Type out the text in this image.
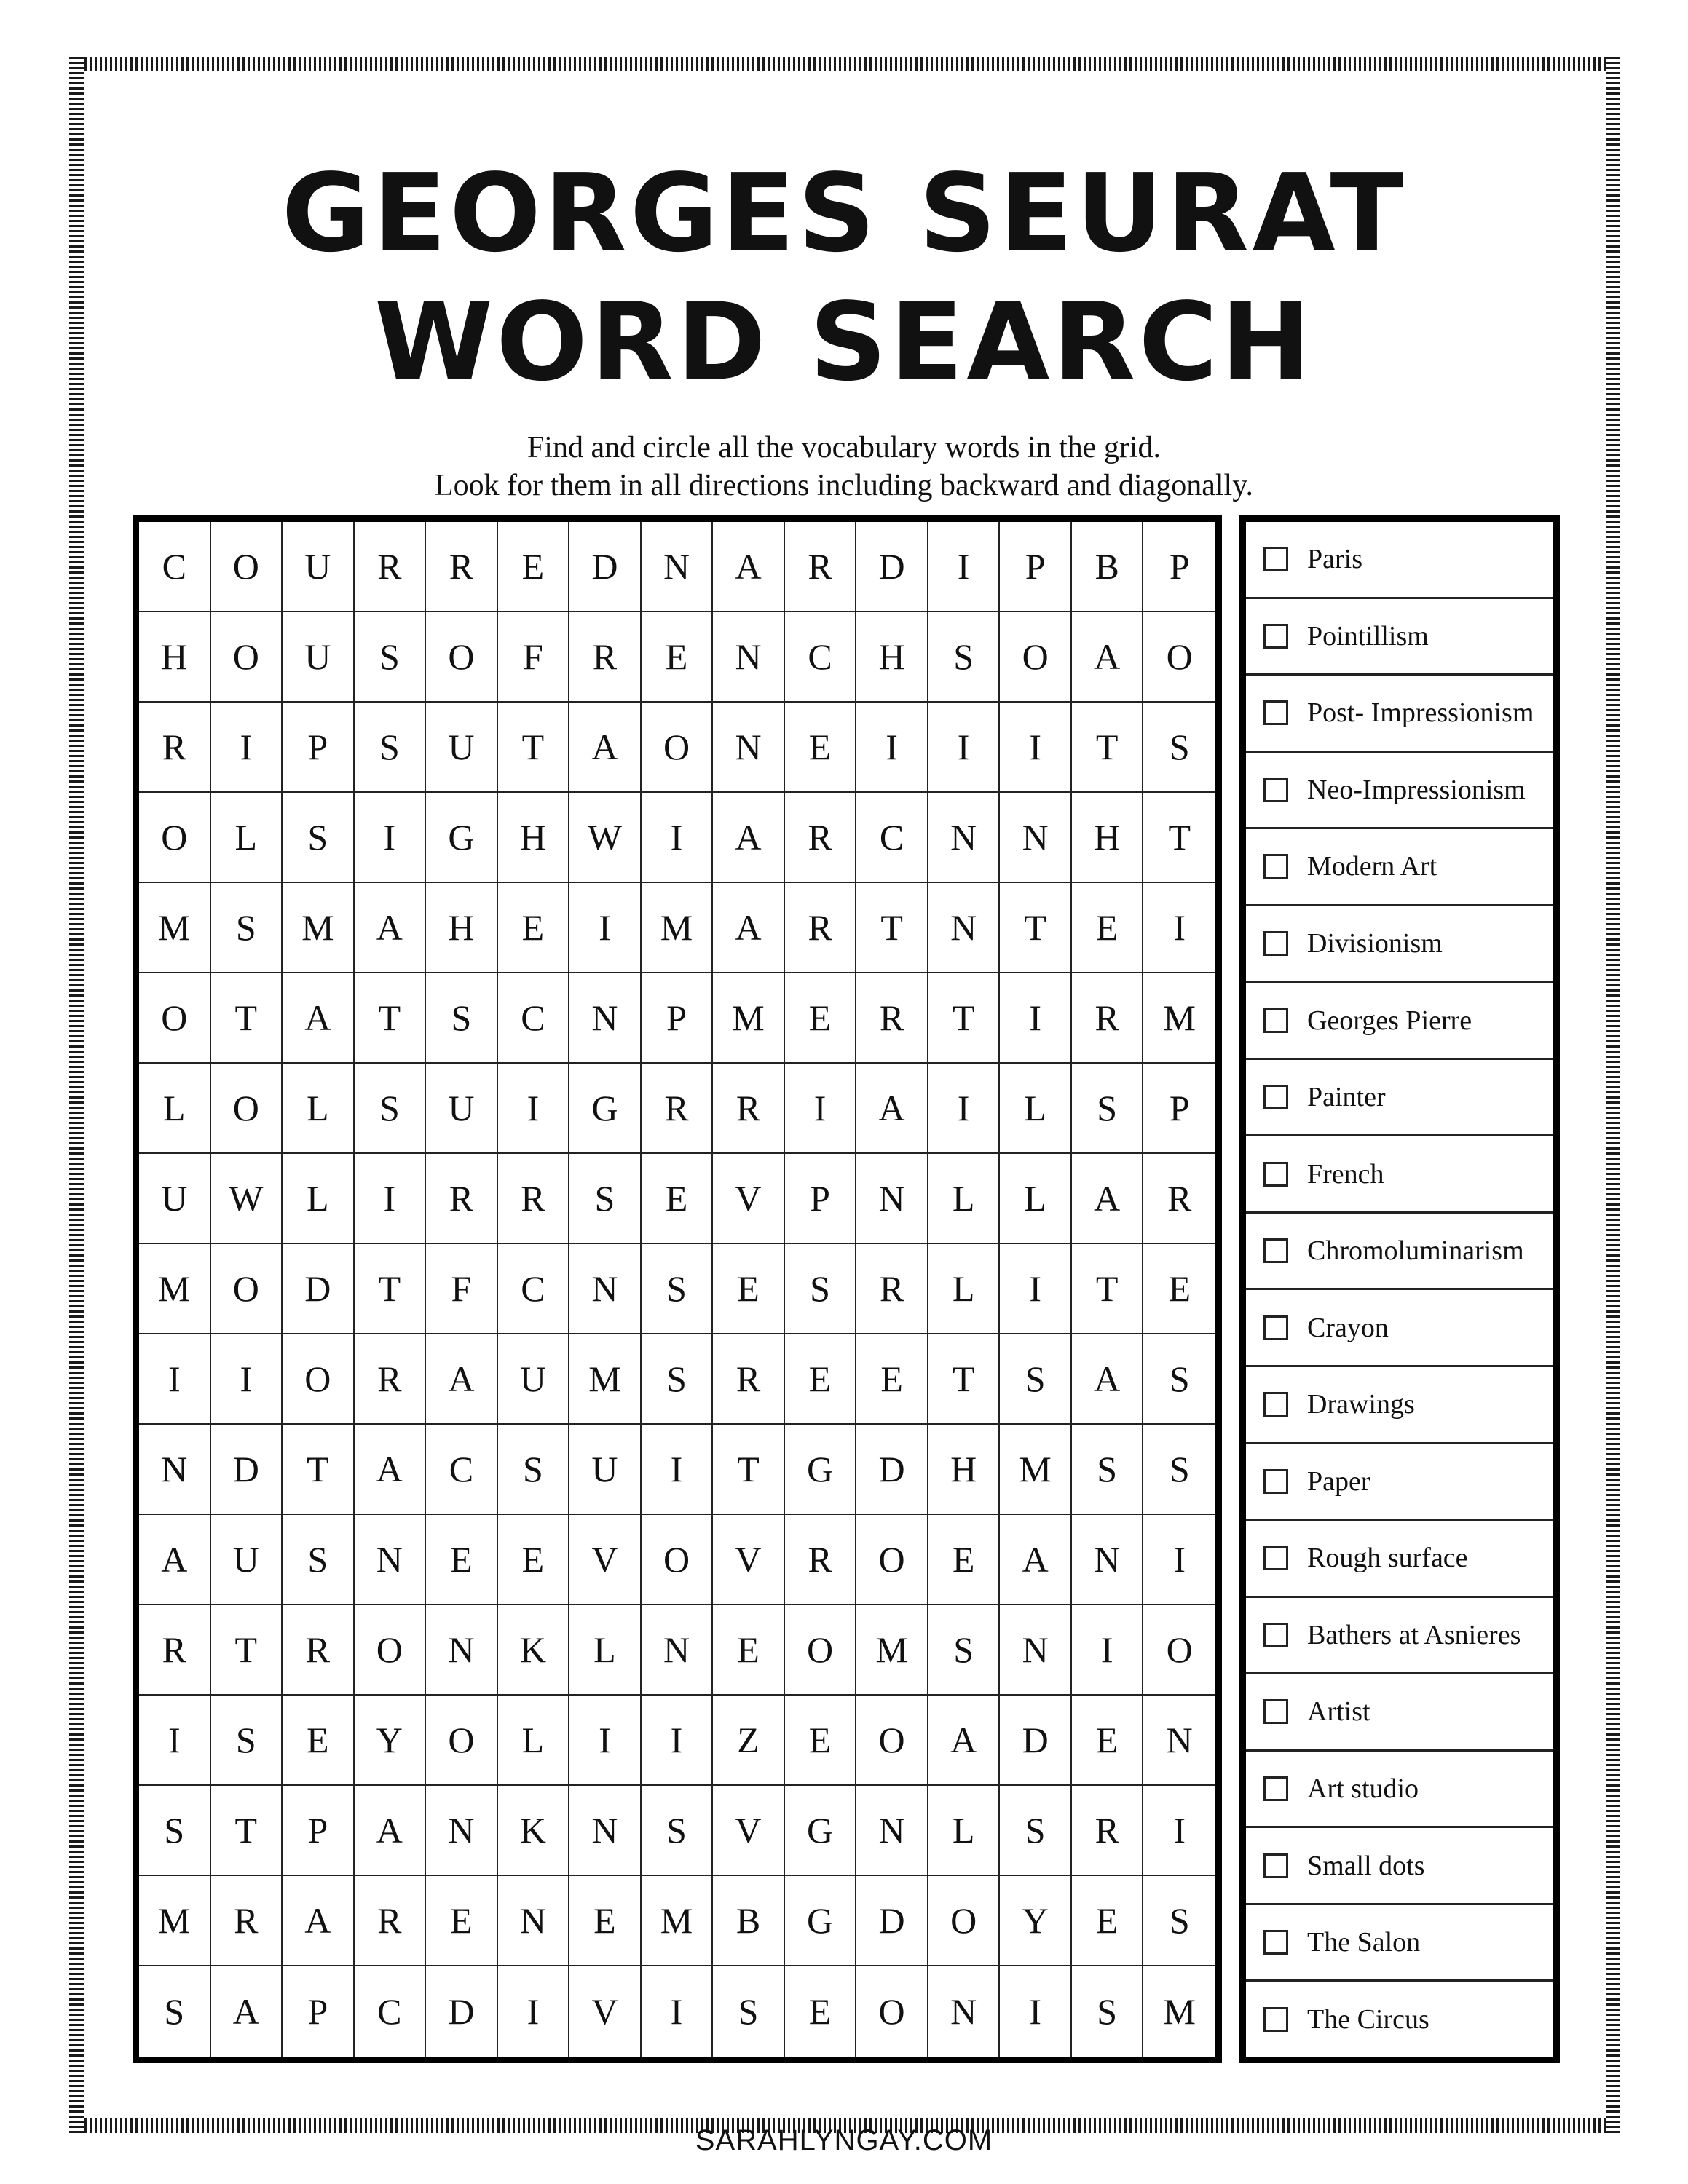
GEORGES SEURAT
WORD SEARCH
Find and circle all the vocabulary words in the grid.
Look for them in all directions including backward and diagonally.
C	O	U	R	R	E	D	N	A	R	D	I	P	B	P
H	O	U	S	O	F	R	E	N	C	H	S	O	A	O
R	I	P	S	U	T	A	O	N	E	I	I	I	T	S
O	L	S	I	G	H	W	I	A	R	C	N	N	H	T
M	S	M	A	H	E	I	M	A	R	T	N	T	E	I
O	T	A	T	S	C	N	P	M	E	R	T	I	R	M
L	O	L	S	U	I	G	R	R	I	A	I	L	S	P
U	W	L	I	R	R	S	E	V	P	N	L	L	A	R
M	O	D	T	F	C	N	S	E	S	R	L	I	T	E
I	I	O	R	A	U	M	S	R	E	E	T	S	A	S
N	D	T	A	C	S	U	I	T	G	D	H	M	S	S
A	U	S	N	E	E	V	O	V	R	O	E	A	N	I
R	T	R	O	N	K	L	N	E	O	M	S	N	I	O
I	S	E	Y	O	L	I	I	Z	E	O	A	D	E	N
S	T	P	A	N	K	N	S	V	G	N	L	S	R	I
M	R	A	R	E	N	E	M	B	G	D	O	Y	E	S
S	A	P	C	D	I	V	I	S	E	O	N	I	S	M
Paris
Pointillism
Post- Impressionism
Neo-Impressionism
Modern Art
Divisionism
Georges Pierre
Painter
French
Chromoluminarism
Crayon
Drawings
Paper
Rough surface
Bathers at Asnieres
Artist
Art studio
Small dots
The Salon
The Circus
SARAHLYNGAY.COM
